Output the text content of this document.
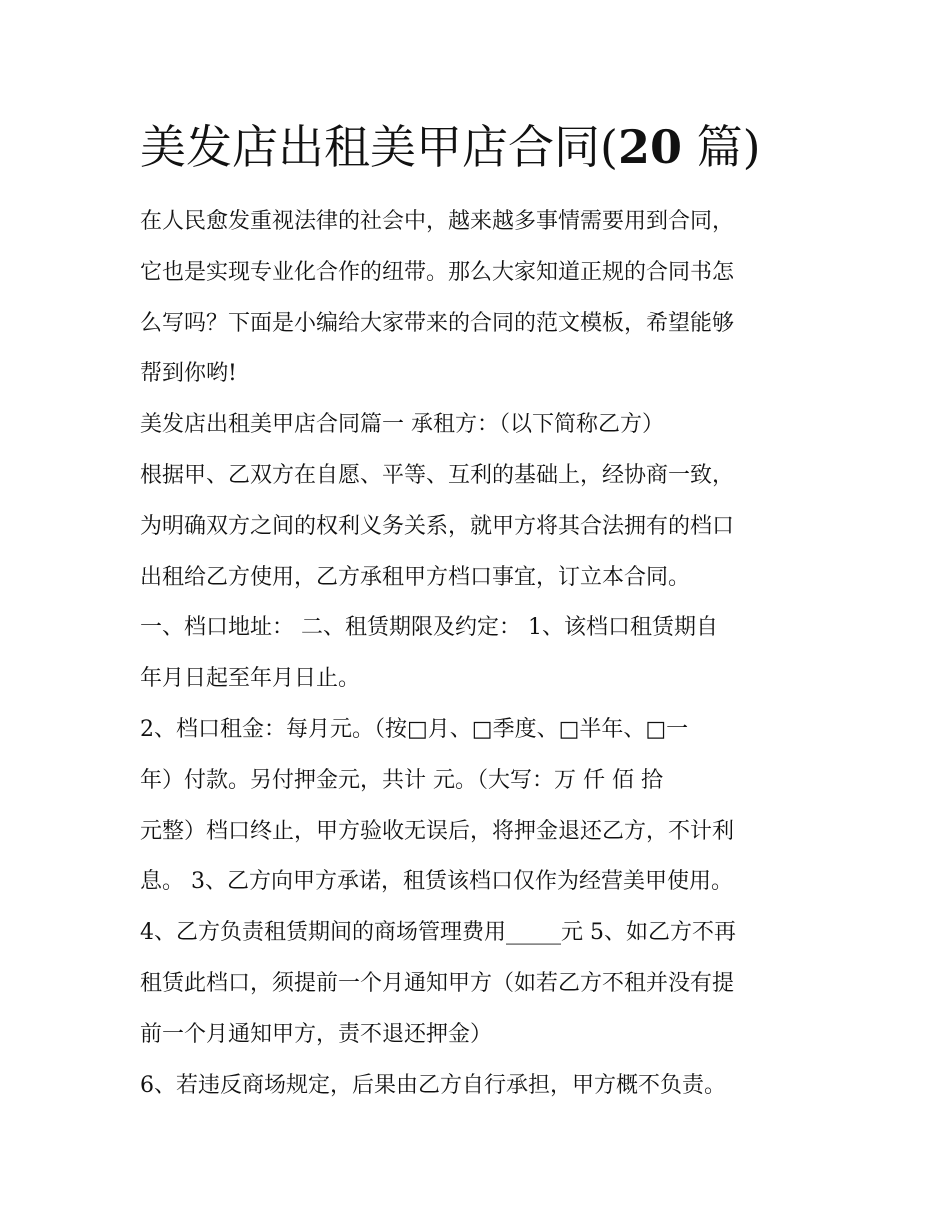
美发店出租美甲店合同(20 篇)
在人民愈发重视法律的社会中，越来越多事情需要用到合同，
它也是实现专业化合作的纽带。那么大家知道正规的合同书怎
么写吗？下面是小编给大家带来的合同的范文模板，希望能够
帮到你哟!
美发店出租美甲店合同篇一 承租方：（以下简称乙方）
根据甲、乙双方在自愿、平等、互利的基础上，经协商一致，
为明确双方之间的权利义务关系，就甲方将其合法拥有的档口
出租给乙方使用，乙方承租甲方档口事宜，订立本合同。
一、档口地址： 二、租赁期限及约定： 1、该档口租赁期自
年月日起至年月日止。
2、档口租金：每月元。（按□月、□季度、□半年、□一
年）付款。另付押金元，共计 元。（大写：万 仟 佰 拾
元整）档口终止，甲方验收无误后，将押金退还乙方，不计利
息。 3、乙方向甲方承诺，租赁该档口仅作为经营美甲使用。
4、乙方负责租赁期间的商场管理费用_____元 5、如乙方不再
租赁此档口，须提前一个月通知甲方（如若乙方不租并没有提
前一个月通知甲方，责不退还押金）
6、若违反商场规定，后果由乙方自行承担，甲方概不负责。
